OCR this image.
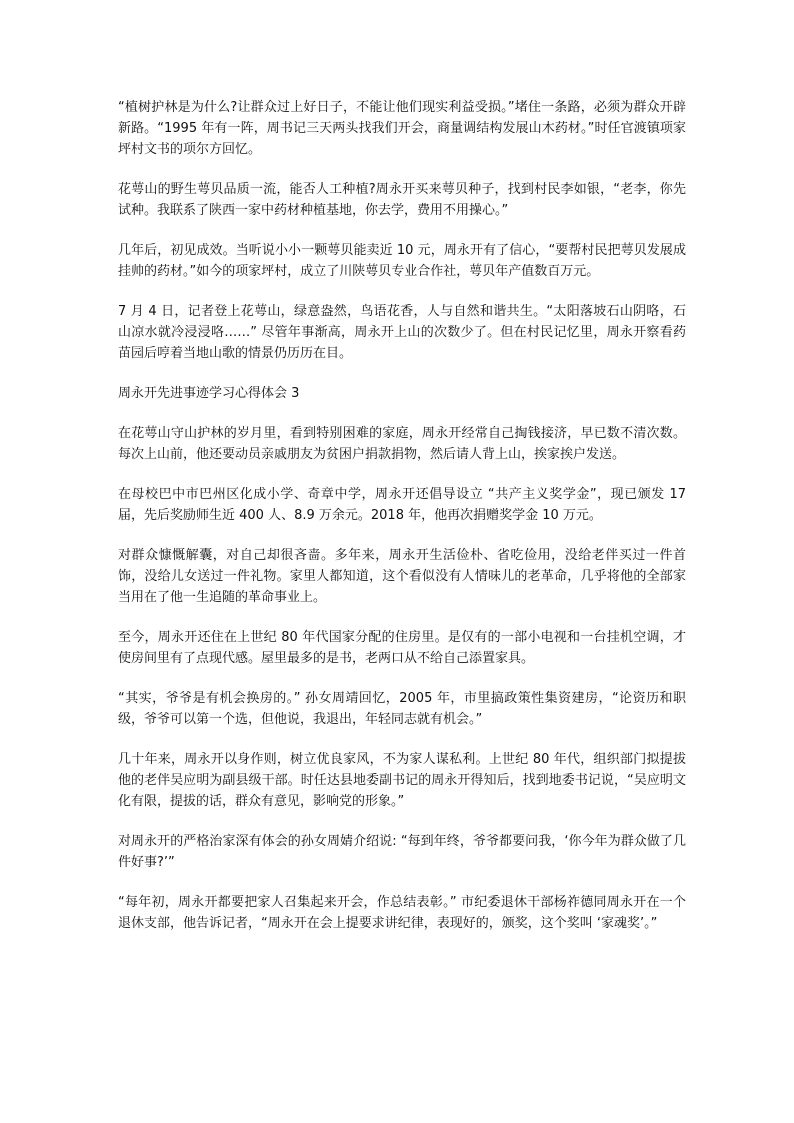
“植树护林是为什么?让群众过上好日子，不能让他们现实利益受损。”堵住一条路，必须为群众开辟新路。“1995 年有一阵，周书记三天两头找我们开会，商量调结构发展山木药材。”时任官渡镇项家坪村文书的项尔方回忆。

花萼山的野生萼贝品质一流，能否人工种植?周永开买来萼贝种子，找到村民李如银，“老李，你先试种。我联系了陕西一家中药材种植基地，你去学，费用不用操心。”

几年后，初见成效。当听说小小一颗萼贝能卖近 10 元，周永开有了信心，“要帮村民把萼贝发展成挂帅的药材。”如今的项家坪村，成立了川陕萼贝专业合作社，萼贝年产值数百万元。

7 月 4 日，记者登上花萼山，绿意盎然，鸟语花香，人与自然和谐共生。“太阳落坡石山阴咯，石山凉水就冷浸浸咯……” 尽管年事渐高，周永开上山的次数少了。但在村民记忆里，周永开察看药苗园后哼着当地山歌的情景仍历历在目。

周永开先进事迹学习心得体会 3

在花萼山守山护林的岁月里，看到特别困难的家庭，周永开经常自己掏钱接济，早已数不清次数。每次上山前，他还要动员亲戚朋友为贫困户捐款捐物，然后请人背上山，挨家挨户发送。

在母校巴中市巴州区化成小学、奇章中学，周永开还倡导设立 “共产主义奖学金”，现已颁发 17 届，先后奖励师生近 400 人、8.9 万余元。2018 年，他再次捐赠奖学金 10 万元。

对群众慷慨解囊，对自己却很吝啬。多年来，周永开生活俭朴、省吃俭用，没给老伴买过一件首饰，没给儿女送过一件礼物。家里人都知道，这个看似没有人情味儿的老革命，几乎将他的全部家当用在了他一生追随的革命事业上。

至今，周永开还住在上世纪 80 年代国家分配的住房里。是仅有的一部小电视和一台挂机空调，才使房间里有了点现代感。屋里最多的是书，老两口从不给自己添置家具。

“其实，爷爷是有机会换房的。” 孙女周靖回忆，2005 年，市里搞政策性集资建房，“论资历和职级，爷爷可以第一个选，但他说，我退出，年轻同志就有机会。”

几十年来，周永开以身作则，树立优良家风，不为家人谋私利。上世纪 80 年代，组织部门拟提拔他的老伴吴应明为副县级干部。时任达县地委副书记的周永开得知后，找到地委书记说，“吴应明文化有限，提拔的话，群众有意见，影响党的形象。”

对周永开的严格治家深有体会的孙女周婧介绍说: “每到年终，爷爷都要问我，‘你今年为群众做了几件好事?’”

“每年初，周永开都要把家人召集起来开会，作总结表彰。” 市纪委退休干部杨祚德同周永开在一个退休支部，他告诉记者，“周永开在会上提要求讲纪律，表现好的，颁奖，这个奖叫 ‘家魂奖’。”
